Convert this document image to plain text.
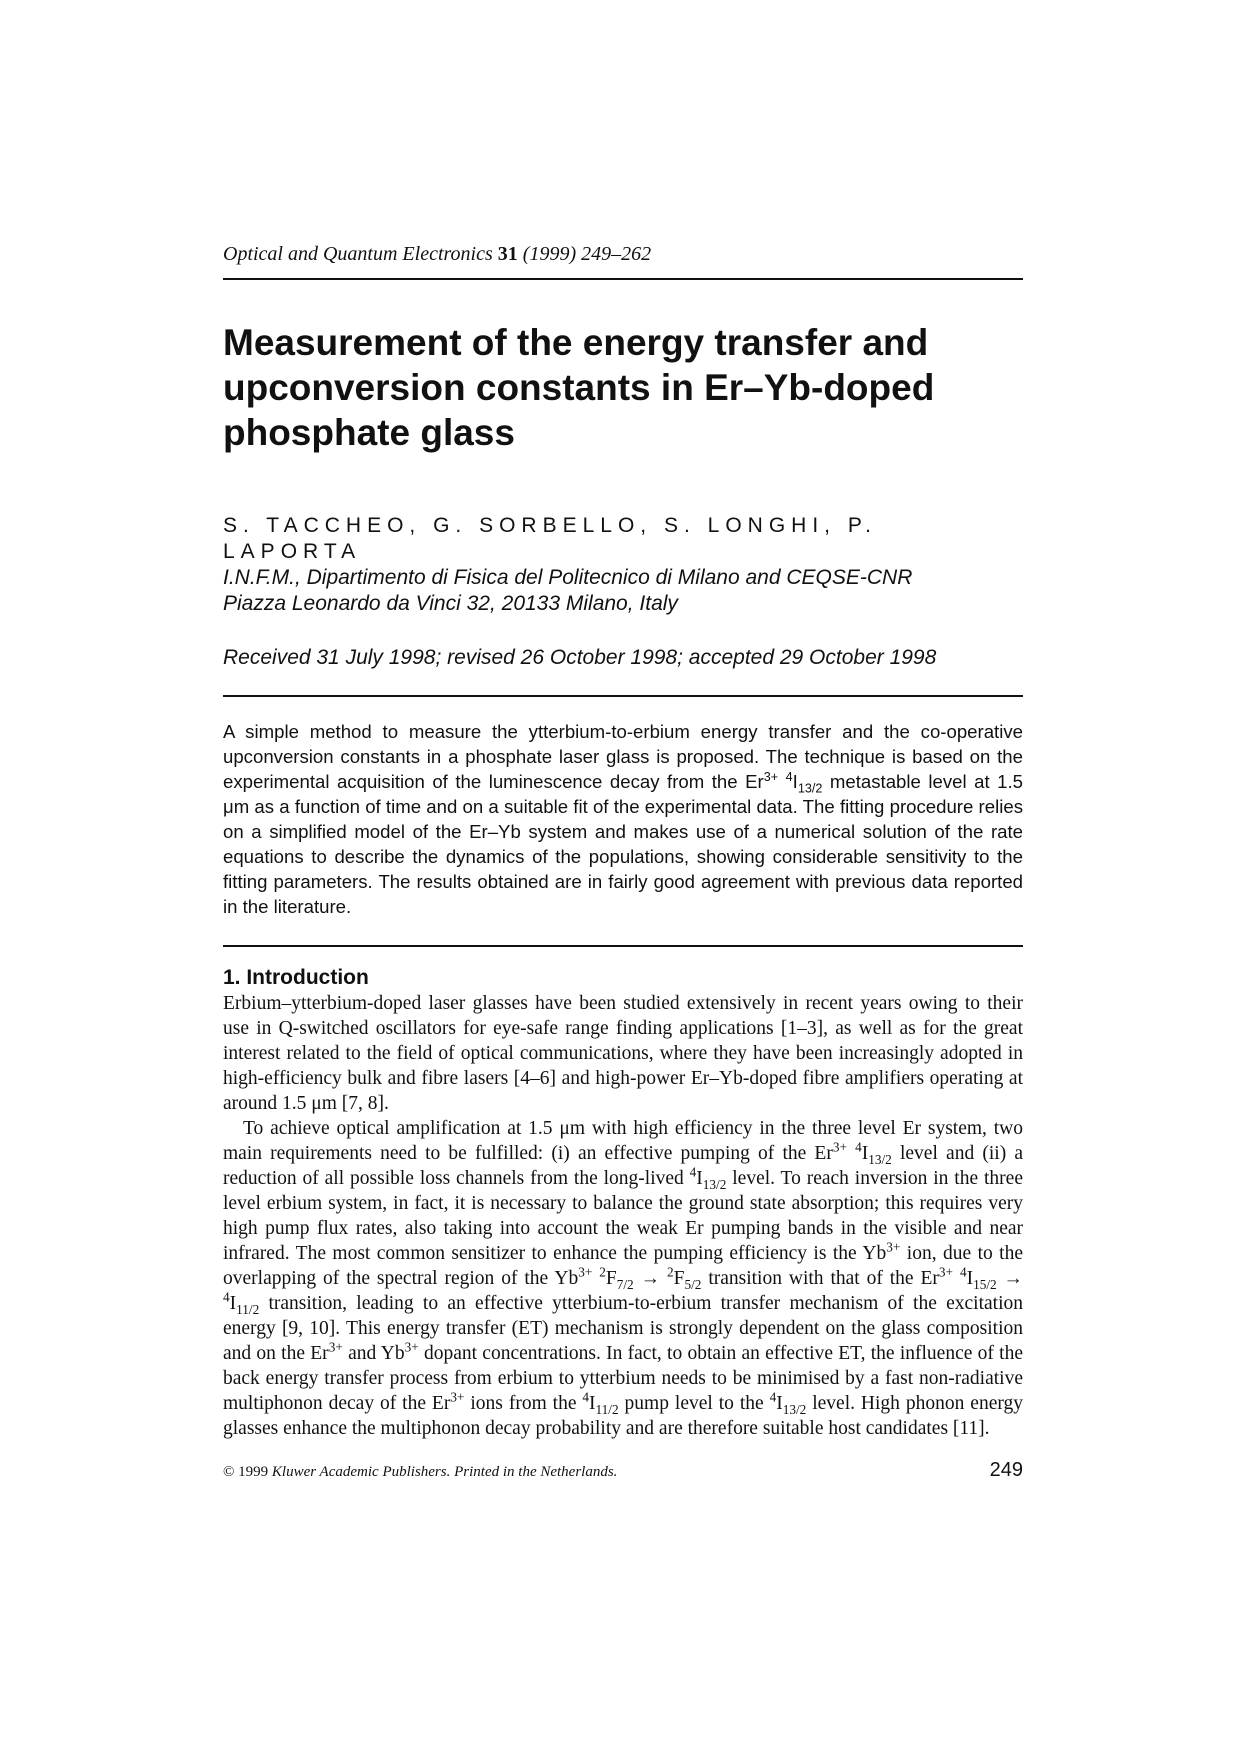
Optical and Quantum Electronics 31 (1999) 249–262
Measurement of the energy transfer and upconversion constants in Er–Yb-doped phosphate glass
S. TACCHEO, G. SORBELLO, S. LONGHI, P. LAPORTA
I.N.F.M., Dipartimento di Fisica del Politecnico di Milano and CEQSE-CNR
Piazza Leonardo da Vinci 32, 20133 Milano, Italy
Received 31 July 1998; revised 26 October 1998; accepted 29 October 1998
A simple method to measure the ytterbium-to-erbium energy transfer and the co-operative upconversion constants in a phosphate laser glass is proposed. The technique is based on the experimental acquisition of the luminescence decay from the $Er^{3+}$ $^4I_{13/2}$ metastable level at 1.5 μm as a function of time and on a suitable fit of the experimental data. The fitting procedure relies on a simplified model of the Er–Yb system and makes use of a numerical solution of the rate equations to describe the dynamics of the populations, showing considerable sensitivity to the fitting parameters. The results obtained are in fairly good agreement with previous data reported in the literature.
1. Introduction

Erbium–ytterbium-doped laser glasses have been studied extensively in recent years owing to their use in Q-switched oscillators for eye-safe range finding applications [1–3], as well as for the great interest related to the field of optical communications, where they have been increasingly adopted in high-efficiency bulk and fibre lasers [4–6] and high-power Er–Yb-doped fibre amplifiers operating at around 1.5 μm [7, 8].

To achieve optical amplification at 1.5 μm with high efficiency in the three level Er system, two main requirements need to be fulfilled: (i) an effective pumping of the $Er^{3+}$ $^4I_{13/2}$ level and (ii) a reduction of all possible loss channels from the long-lived $^4I_{13/2}$ level. To reach inversion in the three level erbium system, in fact, it is necessary to balance the ground state absorption; this requires very high pump flux rates, also taking into account the weak Er pumping bands in the visible and near infrared. The most common sensitizer to enhance the pumping efficiency is the $Yb^{3+}$ ion, due to the overlapping of the spectral region of the $Yb^{3+}$ $^2F_{7/2} \to ^2F_{5/2}$ transition with that of the $Er^{3+}$ $^4I_{15/2} \to ^4I_{11/2}$ transition, leading to an effective ytterbium-to-erbium transfer mechanism of the excitation energy [9, 10]. This energy transfer (ET) mechanism is strongly dependent on the glass composition and on the $Er^{3+}$ and $Yb^{3+}$ dopant concentrations. In fact, to obtain an effective ET, the influence of the back energy transfer process from erbium to ytterbium needs to be minimised by a fast non-radiative multiphonon decay of the $Er^{3+}$ ions from the $^4I_{11/2}$ pump level to the $^4I_{13/2}$ level. High phonon energy glasses enhance the multiphonon decay probability and are therefore suitable host candidates [11].

© 1999 Kluwer Academic Publishers. Printed in the Netherlands.	249
